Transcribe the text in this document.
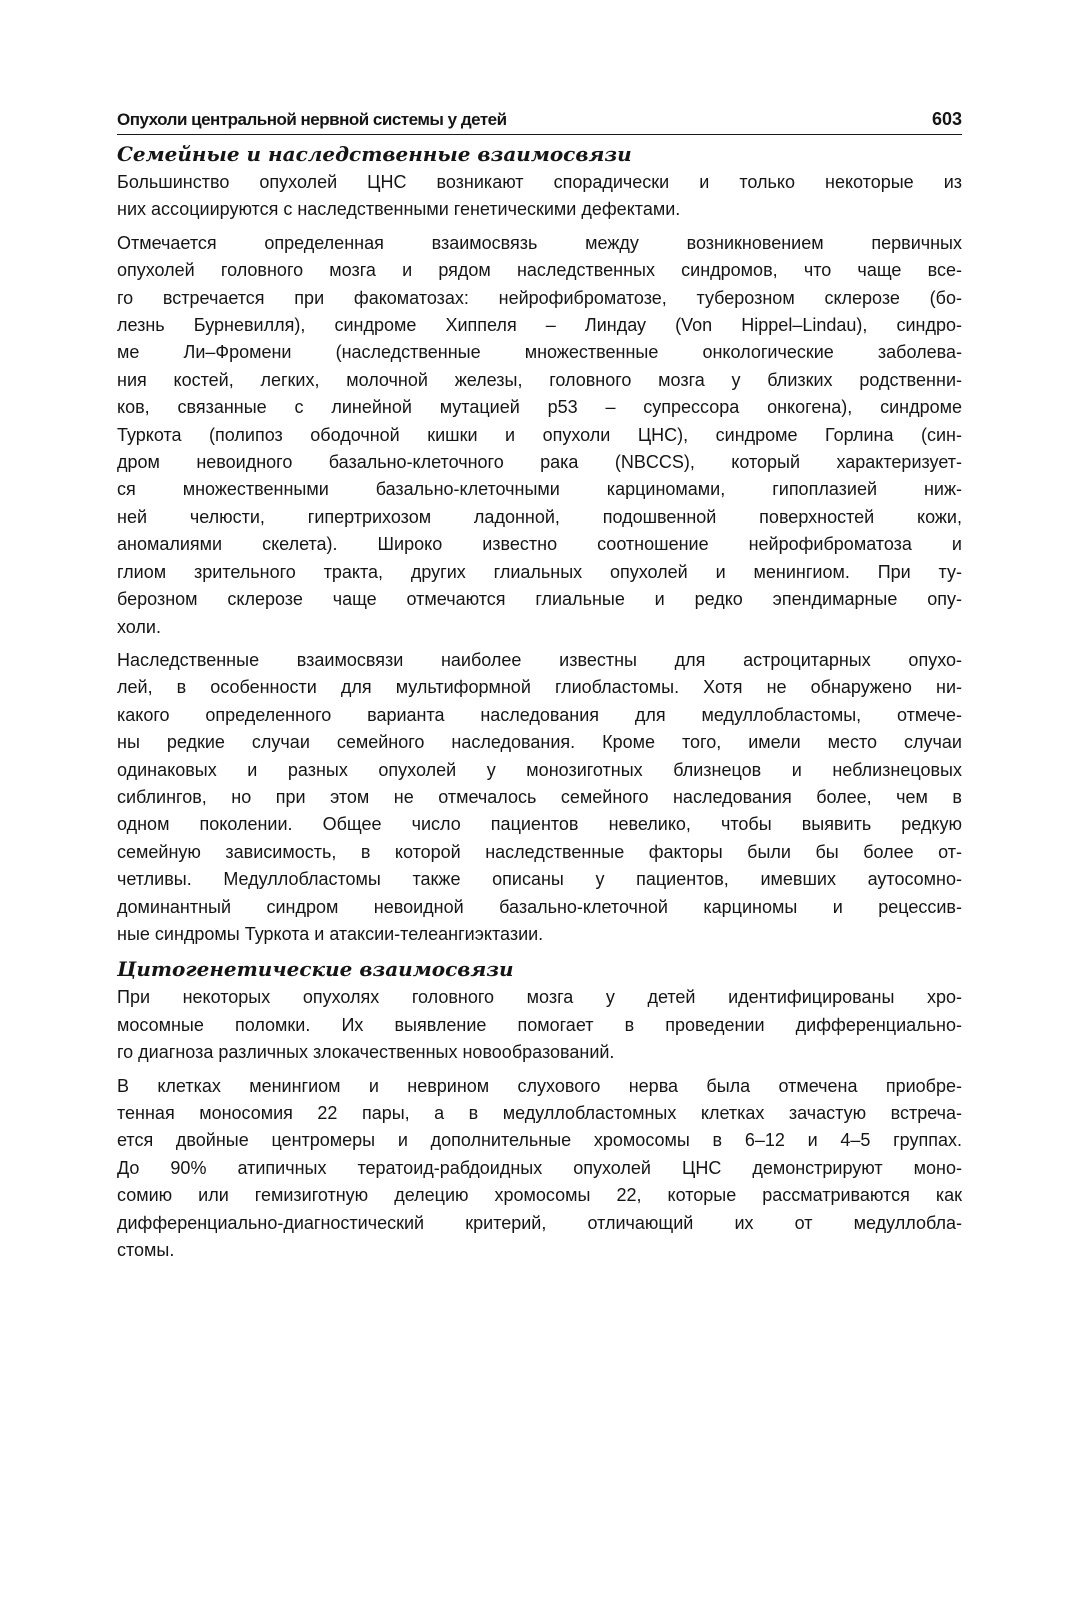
Опухоли центральной нервной системы у детей	603
Семейные и наследственные взаимосвязи
Большинство опухолей ЦНС возникают спорадически и только некоторые из
них ассоциируются с наследственными генетическими дефектами.
Отмечается определенная взаимосвязь между возникновением первичных
опухолей головного мозга и рядом наследственных синдромов, что чаще все-
го встречается при факоматозах: нейрофиброматозе, туберозном склерозе (бо-
лезнь Бурневилля), синдроме Хиппеля – Линдау (Von Hippel–Lindau), синдро-
ме Ли–Фромени (наследственные множественные онкологические заболева-
ния костей, легких, молочной железы, головного мозга у близких родственни-
ков, связанные с линейной мутацией p53 – супрессора онкогена), синдроме
Туркота (полипоз ободочной кишки и опухоли ЦНС), синдроме Горлина (син-
дром невоидного базально-клеточного рака (NBCCS), который характеризует-
ся множественными базально-клеточными карциномами, гипоплазией ниж-
ней челюсти, гипертрихозом ладонной, подошвенной поверхностей кожи,
аномалиями скелета). Широко известно соотношение нейрофиброматоза и
глиом зрительного тракта, других глиальных опухолей и менингиом. При ту-
берозном склерозе чаще отмечаются глиальные и редко эпендимарные опу-
холи.
Наследственные взаимосвязи наиболее известны для астроцитарных опухо-
лей, в особенности для мультиформной глиобластомы. Хотя не обнаружено ни-
какого определенного варианта наследования для медуллобластомы, отмече-
ны редкие случаи семейного наследования. Кроме того, имели место случаи
одинаковых и разных опухолей у монозиготных близнецов и неблизнецовых
сиблингов, но при этом не отмечалось семейного наследования более, чем в
одном поколении. Общее число пациентов невелико, чтобы выявить редкую
семейную зависимость, в которой наследственные факторы были бы более от-
четливы. Медуллобластомы также описаны у пациентов, имевших аутосомно-
доминантный синдром невоидной базально-клеточной карциномы и рецессив-
ные синдромы Туркота и атаксии-телеангиэктазии.
Цитогенетические взаимосвязи
При некоторых опухолях головного мозга у детей идентифицированы хро-
мосомные поломки. Их выявление помогает в проведении дифференциально-
го диагноза различных злокачественных новообразований.
В клетках менингиом и неврином слухового нерва была отмечена приобре-
тенная моносомия 22 пары, а в медуллобластомных клетках зачастую встреча-
ется двойные центромеры и дополнительные хромосомы в 6–12 и 4–5 группах.
До 90% атипичных тератоид-рабдоидных опухолей ЦНС демонстрируют моно-
сомию или гемизиготную делецию хромосомы 22, которые рассматриваются как
дифференциально-диагностический критерий, отличающий их от медуллобла-
стомы.
